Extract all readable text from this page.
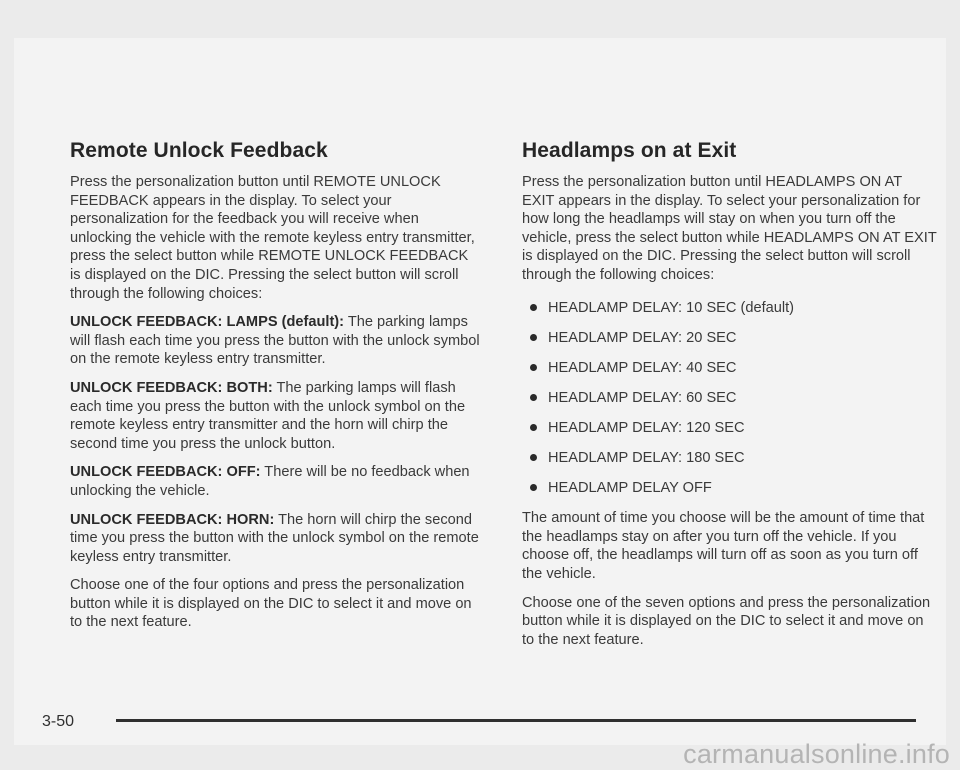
Remote Unlock Feedback

Press the personalization button until REMOTE UNLOCK FEEDBACK appears in the display. To select your personalization for the feedback you will receive when unlocking the vehicle with the remote keyless entry transmitter, press the select button while REMOTE UNLOCK FEEDBACK is displayed on the DIC. Pressing the select button will scroll through the following choices:

UNLOCK FEEDBACK: LAMPS (default): The parking lamps will flash each time you press the button with the unlock symbol on the remote keyless entry transmitter.

UNLOCK FEEDBACK: BOTH: The parking lamps will flash each time you press the button with the unlock symbol on the remote keyless entry transmitter and the horn will chirp the second time you press the unlock button.

UNLOCK FEEDBACK: OFF: There will be no feedback when unlocking the vehicle.

UNLOCK FEEDBACK: HORN: The horn will chirp the second time you press the button with the unlock symbol on the remote keyless entry transmitter.

Choose one of the four options and press the personalization button while it is displayed on the DIC to select it and move on to the next feature.

Headlamps on at Exit

Press the personalization button until HEADLAMPS ON AT EXIT appears in the display. To select your personalization for how long the headlamps will stay on when you turn off the vehicle, press the select button while HEADLAMPS ON AT EXIT is displayed on the DIC. Pressing the select button will scroll through the following choices:

HEADLAMP DELAY: 10 SEC (default)
HEADLAMP DELAY: 20 SEC
HEADLAMP DELAY: 40 SEC
HEADLAMP DELAY: 60 SEC
HEADLAMP DELAY: 120 SEC
HEADLAMP DELAY: 180 SEC
HEADLAMP DELAY OFF

The amount of time you choose will be the amount of time that the headlamps stay on after you turn off the vehicle. If you choose off, the headlamps will turn off as soon as you turn off the vehicle.

Choose one of the seven options and press the personalization button while it is displayed on the DIC to select it and move on to the next feature.

3-50
carmanualsonline.info
